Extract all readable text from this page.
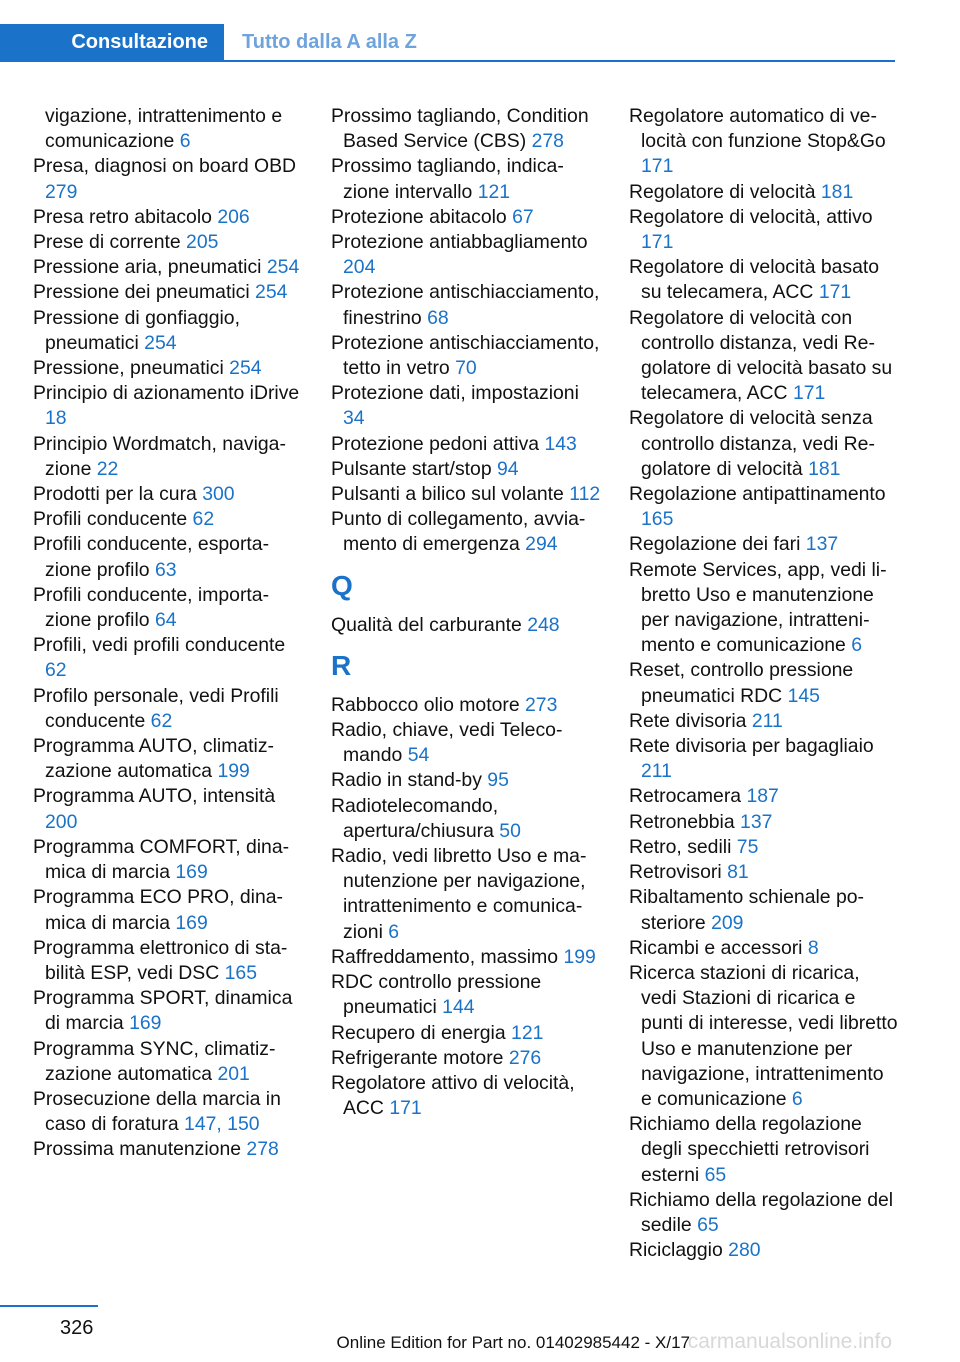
Consultazione	Tutto dalla A alla Z
vigazione, intrattenimento e comunicazione 6
Presa, diagnosi on board OBD 279
Presa retro abitacolo 206
Prese di corrente 205
Pressione aria, pneumatici 254
Pressione dei pneumatici 254
Pressione di gonfiaggio, pneumatici 254
Pressione, pneumatici 254
Principio di azionamento iDrive 18
Principio Wordmatch, navigazione 22
Prodotti per la cura 300
Profili conducente 62
Profili conducente, esportazione profilo 63
Profili conducente, importazione profilo 64
Profili, vedi profili conducente 62
Profilo personale, vedi Profili conducente 62
Programma AUTO, climatizzazione automatica 199
Programma AUTO, intensità 200
Programma COMFORT, dinamica di marcia 169
Programma ECO PRO, dinamica di marcia 169
Programma elettronico di stabilità ESP, vedi DSC 165
Programma SPORT, dinamica di marcia 169
Programma SYNC, climatizzazione automatica 201
Prosecuzione della marcia in caso di foratura 147, 150
Prossima manutenzione 278
Prossimo tagliando, Condition Based Service (CBS) 278
Prossimo tagliando, indicazione intervallo 121
Protezione abitacolo 67
Protezione antiabbagliamento 204
Protezione antischiacciamento, finestrino 68
Protezione antischiacciamento, tetto in vetro 70
Protezione dati, impostazioni 34
Protezione pedoni attiva 143
Pulsante start/stop 94
Pulsanti a bilico sul volante 112
Punto di collegamento, avviamento di emergenza 294
Q
Qualità del carburante 248
R
Rabbocco olio motore 273
Radio, chiave, vedi Telecomando 54
Radio in stand-by 95
Radiotelecomando, apertura/chiusura 50
Radio, vedi libretto Uso e manutenzione per navigazione, intrattenimento e comunicazioni 6
Raffreddamento, massimo 199
RDC controllo pressione pneumatici 144
Recupero di energia 121
Refrigerante motore 276
Regolatore attivo di velocità, ACC 171
Regolatore automatico di velocità con funzione Stop&Go 171
Regolatore di velocità 181
Regolatore di velocità, attivo 171
Regolatore di velocità basato su telecamera, ACC 171
Regolatore di velocità con controllo distanza, vedi Regolatore di velocità basato su telecamera, ACC 171
Regolatore di velocità senza controllo distanza, vedi Regolatore di velocità 181
Regolazione antipattinamento 165
Regolazione dei fari 137
Remote Services, app, vedi libretto Uso e manutenzione per navigazione, intrattenimento e comunicazione 6
Reset, controllo pressione pneumatici RDC 145
Rete divisoria 211
Rete divisoria per bagagliaio 211
Retrocamera 187
Retronebbia 137
Retro, sedili 75
Retrovisori 81
Ribaltamento schienale posteriore 209
Ricambi e accessori 8
Ricerca stazioni di ricarica, vedi Stazioni di ricarica e punti di interesse, vedi libretto Uso e manutenzione per navigazione, intrattenimento e comunicazione 6
Richiamo della regolazione degli specchietti retrovisori esterni 65
Richiamo della regolazione del sedile 65
Riciclaggio 280
326
carmanualsonline.info
Online Edition for Part no. 01402985442 - X/17
